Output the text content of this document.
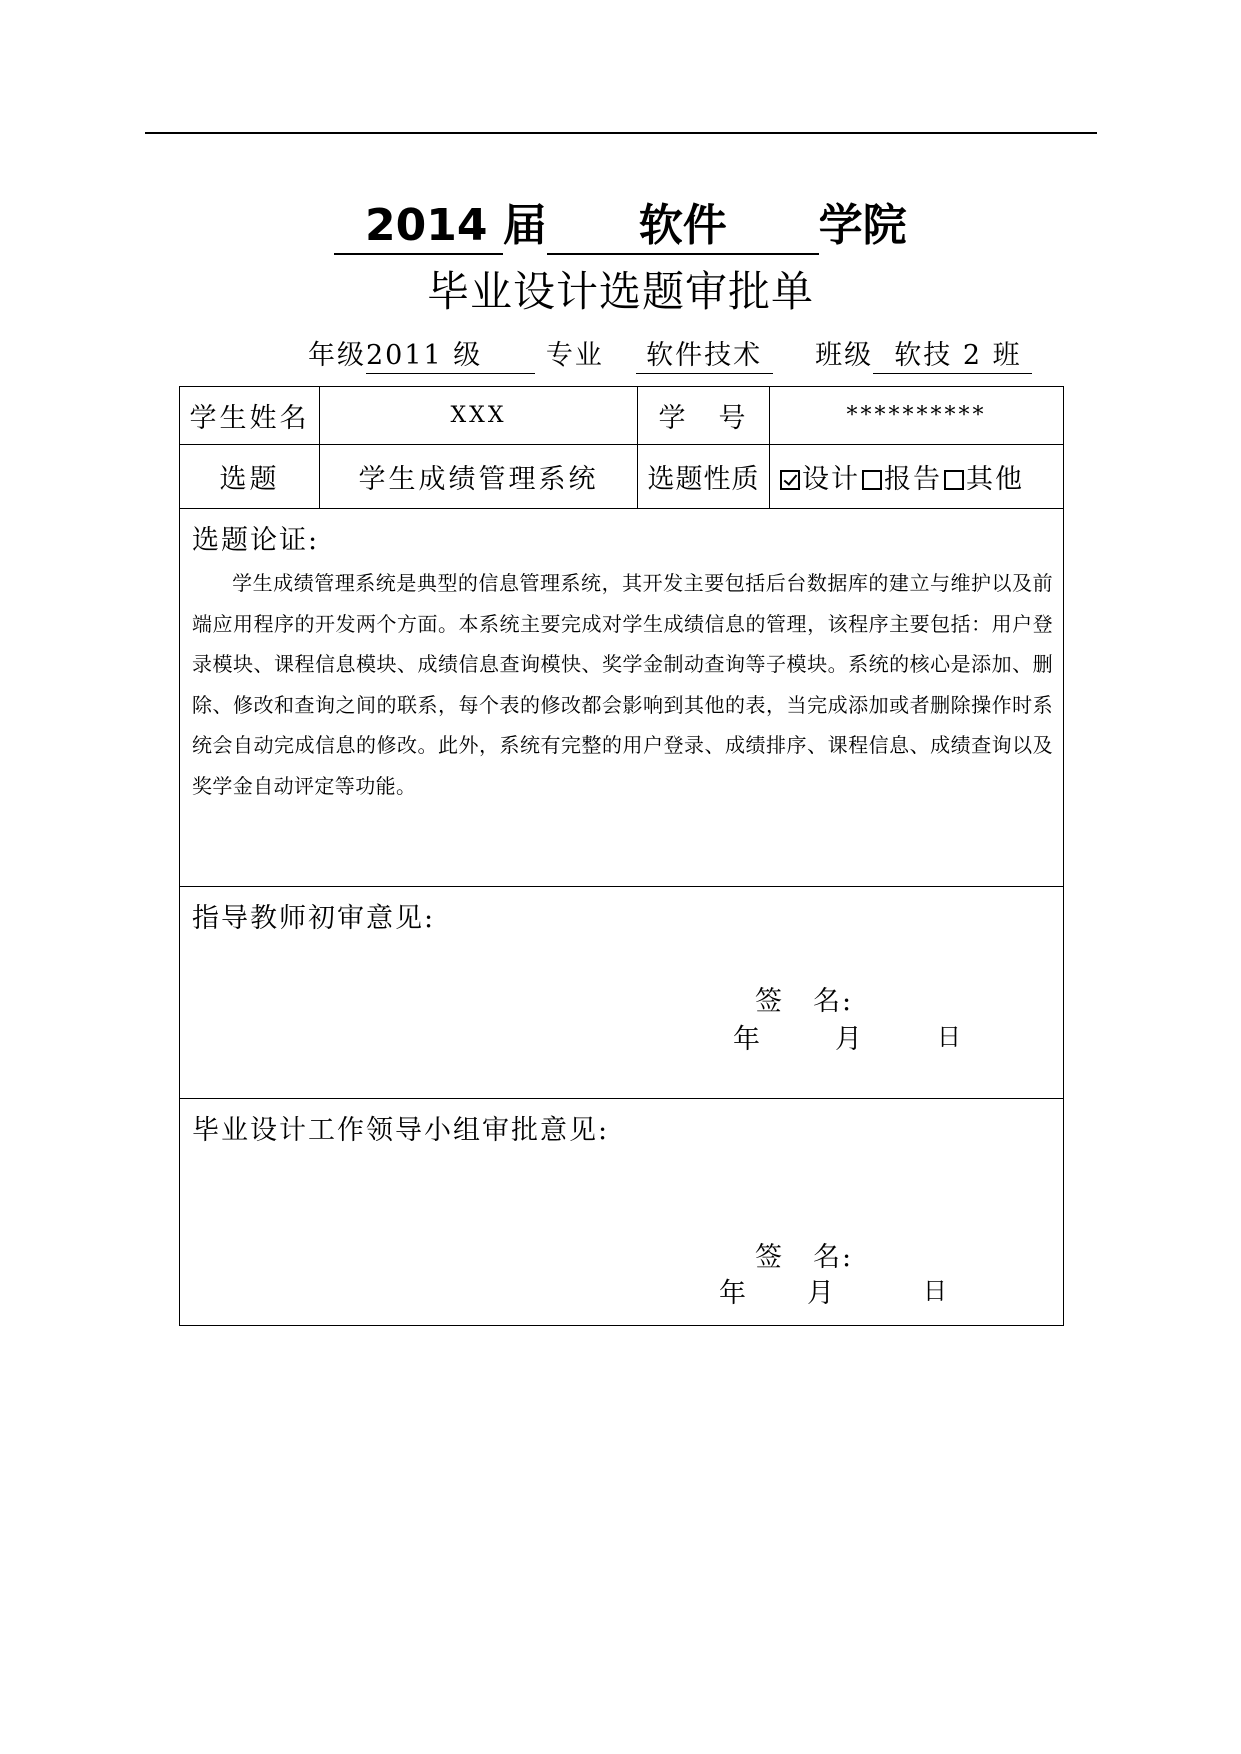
2014 届 软件 学院
毕业设计选题审批单
年级2011 级 专业 软件技术 班级 软技 2 班
学生姓名	XXX	学　号	**********
选题	学生成绩管理系统	选题性质	设计 报告 其他

选题论证:
学生成绩管理系统是典型的信息管理系统，其开发主要包括后台数据库的建立与维护以及前端应用程序的开发两个方面。本系统主要完成对学生成绩信息的管理，该程序主要包括：用户登录模块、课程信息模块、成绩信息查询模快、奖学金制动查询等子模块。系统的核心是添加、删除、修改和查询之间的联系，每个表的修改都会影响到其他的表，当完成添加或者删除操作时系统会自动完成信息的修改。此外，系统有完整的用户登录、成绩排序、课程信息、成绩查询以及奖学金自动评定等功能。			

指导教师初审意见:
签　名:
年 月 日			

毕业设计工作领导小组审批意见:
签　名:
年 月 日			
